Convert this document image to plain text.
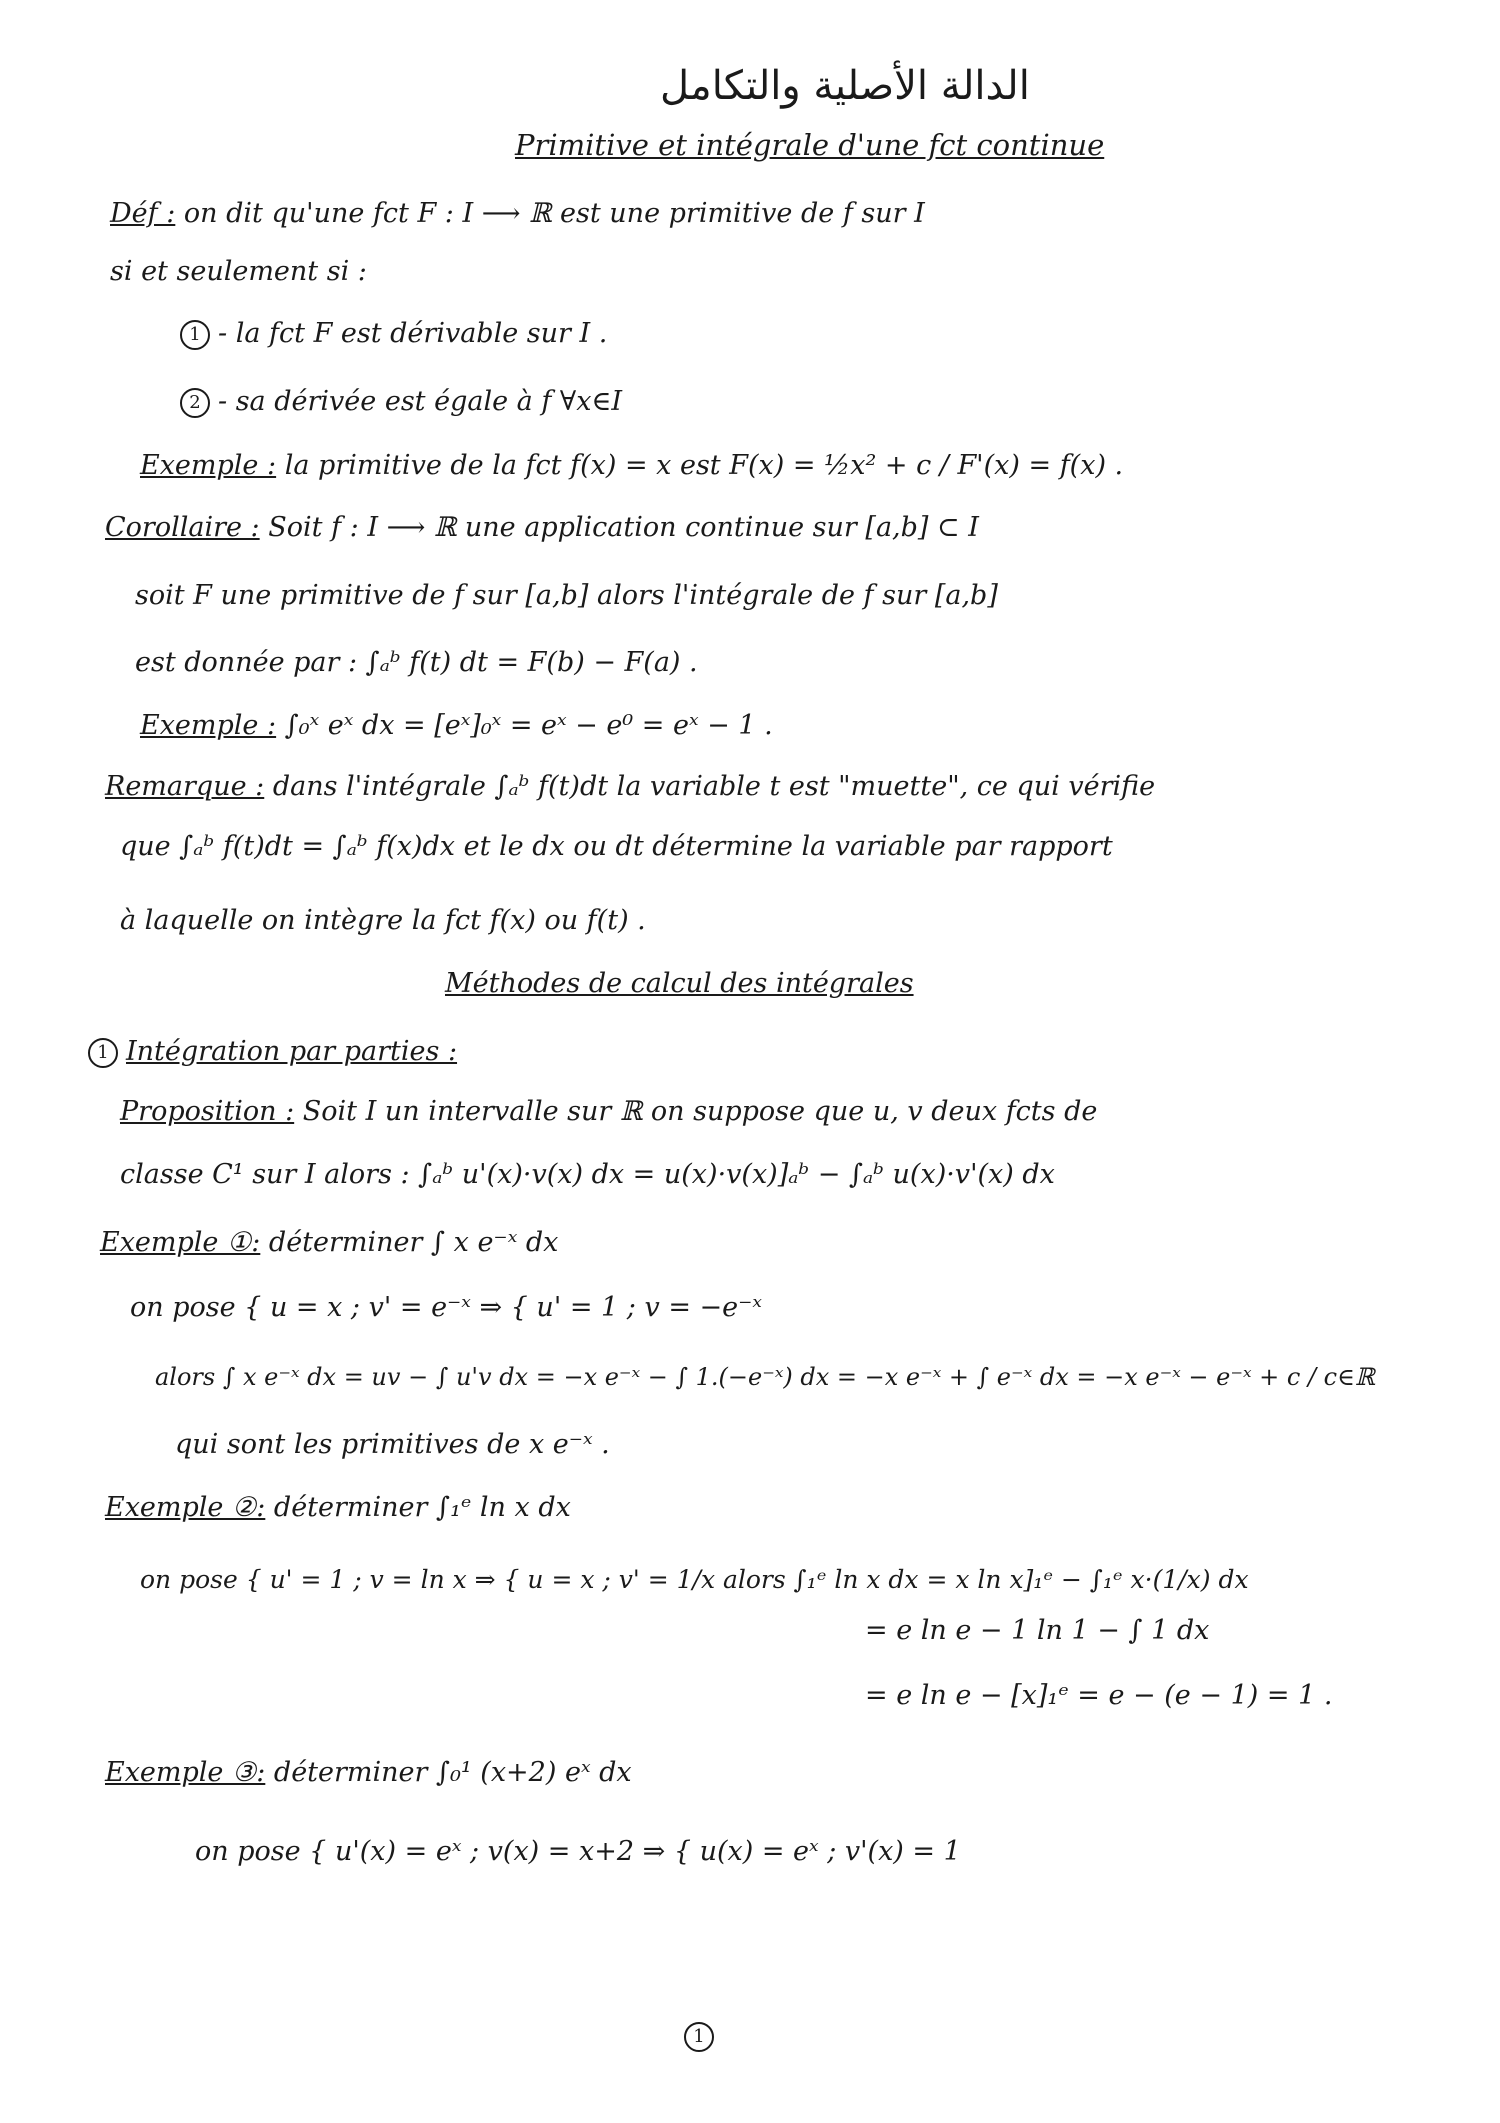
الدالة الأصلية والتكامل
Primitive et intégrale d'une fct continue
Déf : on dit qu'une fct F : I ⟶ ℝ est une primitive de f sur I
si et seulement si :
1 - la fct F est dérivable sur I .
2 - sa dérivée est égale à f ∀x∈I
Exemple : la primitive de la fct f(x) = x est F(x) = ½x² + c / F'(x) = f(x) .
Corollaire : Soit f : I ⟶ ℝ une application continue sur [a,b] ⊂ I
soit F une primitive de f sur [a,b] alors l'intégrale de f sur [a,b]
est donnée par : ∫ₐᵇ f(t) dt = F(b) − F(a) .
Exemple : ∫₀ˣ eˣ dx = [eˣ]₀ˣ = eˣ − e⁰ = eˣ − 1 .
Remarque : dans l'intégrale ∫ₐᵇ f(t)dt la variable t est "muette", ce qui vérifie
que ∫ₐᵇ f(t)dt = ∫ₐᵇ f(x)dx et le dx ou dt détermine la variable par rapport
à laquelle on intègre la fct f(x) ou f(t) .
Méthodes de calcul des intégrales
1 Intégration par parties :
Proposition : Soit I un intervalle sur ℝ on suppose que u, v deux fcts de
classe C¹ sur I alors : ∫ₐᵇ u'(x)·v(x) dx = u(x)·v(x)]ₐᵇ − ∫ₐᵇ u(x)·v'(x) dx
Exemple ①: déterminer ∫ x e⁻ˣ dx
on pose { u = x ; v' = e⁻ˣ ⇒ { u' = 1 ; v = −e⁻ˣ
alors ∫ x e⁻ˣ dx = uv − ∫ u'v dx = −x e⁻ˣ − ∫ 1.(−e⁻ˣ) dx = −x e⁻ˣ + ∫ e⁻ˣ dx = −x e⁻ˣ − e⁻ˣ + c / c∈ℝ
qui sont les primitives de x e⁻ˣ .
Exemple ②: déterminer ∫₁ᵉ ln x dx
on pose { u' = 1 ; v = ln x ⇒ { u = x ; v' = 1/x alors ∫₁ᵉ ln x dx = x ln x]₁ᵉ − ∫₁ᵉ x·(1/x) dx
= e ln e − 1 ln 1 − ∫ 1 dx
= e ln e − [x]₁ᵉ = e − (e − 1) = 1 .
Exemple ③: déterminer ∫₀¹ (x+2) eˣ dx
on pose { u'(x) = eˣ ; v(x) = x+2 ⇒ { u(x) = eˣ ; v'(x) = 1
1
